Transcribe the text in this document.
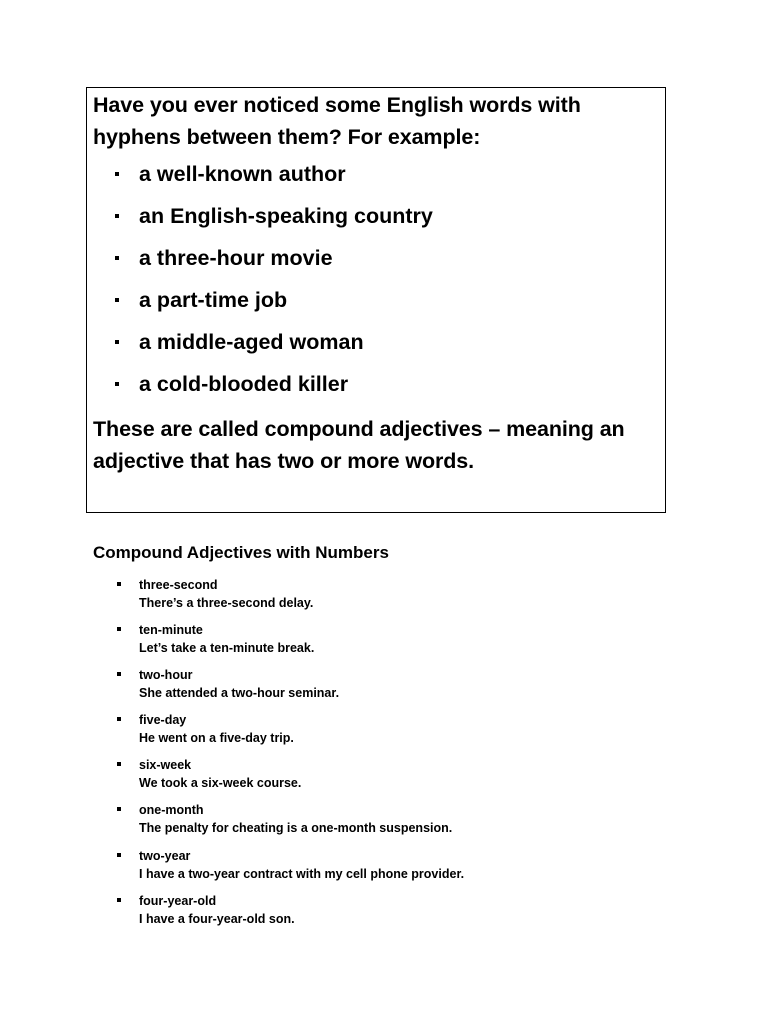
Have you ever noticed some English words with hyphens between them? For example:

a well-known author
an English-speaking country
a three-hour movie
a part-time job
a middle-aged woman
a cold-blooded killer

These are called compound adjectives – meaning an adjective that has two or more words.

Compound Adjectives with Numbers
three-second
There’s a three-second delay.
ten-minute
Let’s take a ten-minute break.
two-hour
She attended a two-hour seminar.
five-day
He went on a five-day trip.
six-week
We took a six-week course.
one-month
The penalty for cheating is a one-month suspension.
two-year
I have a two-year contract with my cell phone provider.
four-year-old
I have a four-year-old son.
